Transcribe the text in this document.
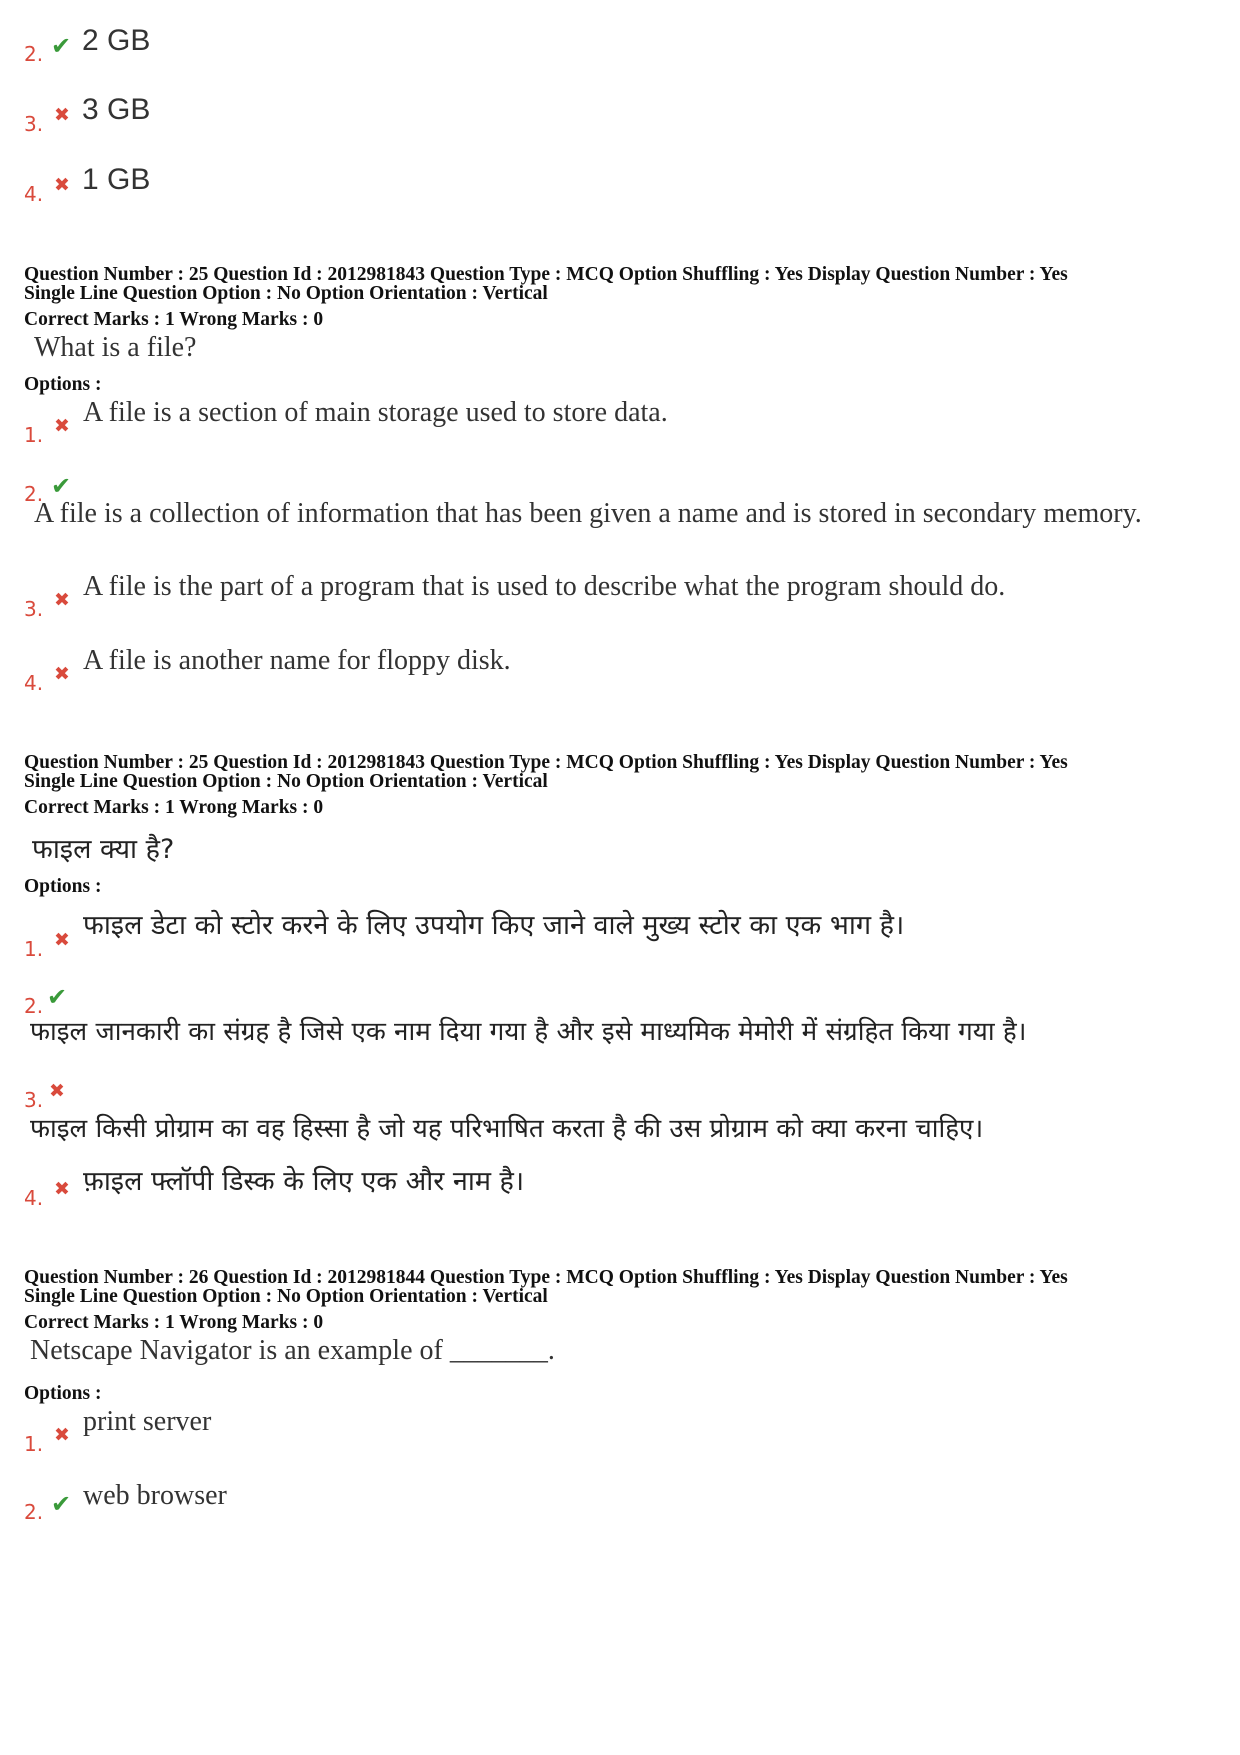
2. ✔ 2 GB
3. ✖ 3 GB
4. ✖ 1 GB
Question Number : 25 Question Id : 2012981843 Question Type : MCQ Option Shuffling : Yes Display Question Number : Yes
Single Line Question Option : No Option Orientation : Vertical
Correct Marks : 1 Wrong Marks : 0
What is a file?
Options :
1. ✖ A file is a section of main storage used to store data.
2. ✔
A file is a collection of information that has been given a name and is stored in secondary memory.
3. ✖ A file is the part of a program that is used to describe what the program should do.
4. ✖ A file is another name for floppy disk.
Question Number : 25 Question Id : 2012981843 Question Type : MCQ Option Shuffling : Yes Display Question Number : Yes
Single Line Question Option : No Option Orientation : Vertical
Correct Marks : 1 Wrong Marks : 0
फाइल क्या है?
Options :
1. ✖ फाइल डेटा को स्टोर करने के लिए उपयोग किए जाने वाले मुख्य स्टोर का एक भाग है।
2. ✔
फाइल जानकारी का संग्रह है जिसे एक नाम दिया गया है और इसे माध्यमिक मेमोरी में संग्रहित किया गया है।
3. ✖
फाइल किसी प्रोग्राम का वह हिस्सा है जो यह परिभाषित करता है की उस प्रोग्राम को क्या करना चाहिए।
4. ✖ फ़ाइल फ्लॉपी डिस्क के लिए एक और नाम है।
Question Number : 26 Question Id : 2012981844 Question Type : MCQ Option Shuffling : Yes Display Question Number : Yes
Single Line Question Option : No Option Orientation : Vertical
Correct Marks : 1 Wrong Marks : 0
Netscape Navigator is an example of _______.
Options :
1. ✖ print server
2. ✔ web browser
